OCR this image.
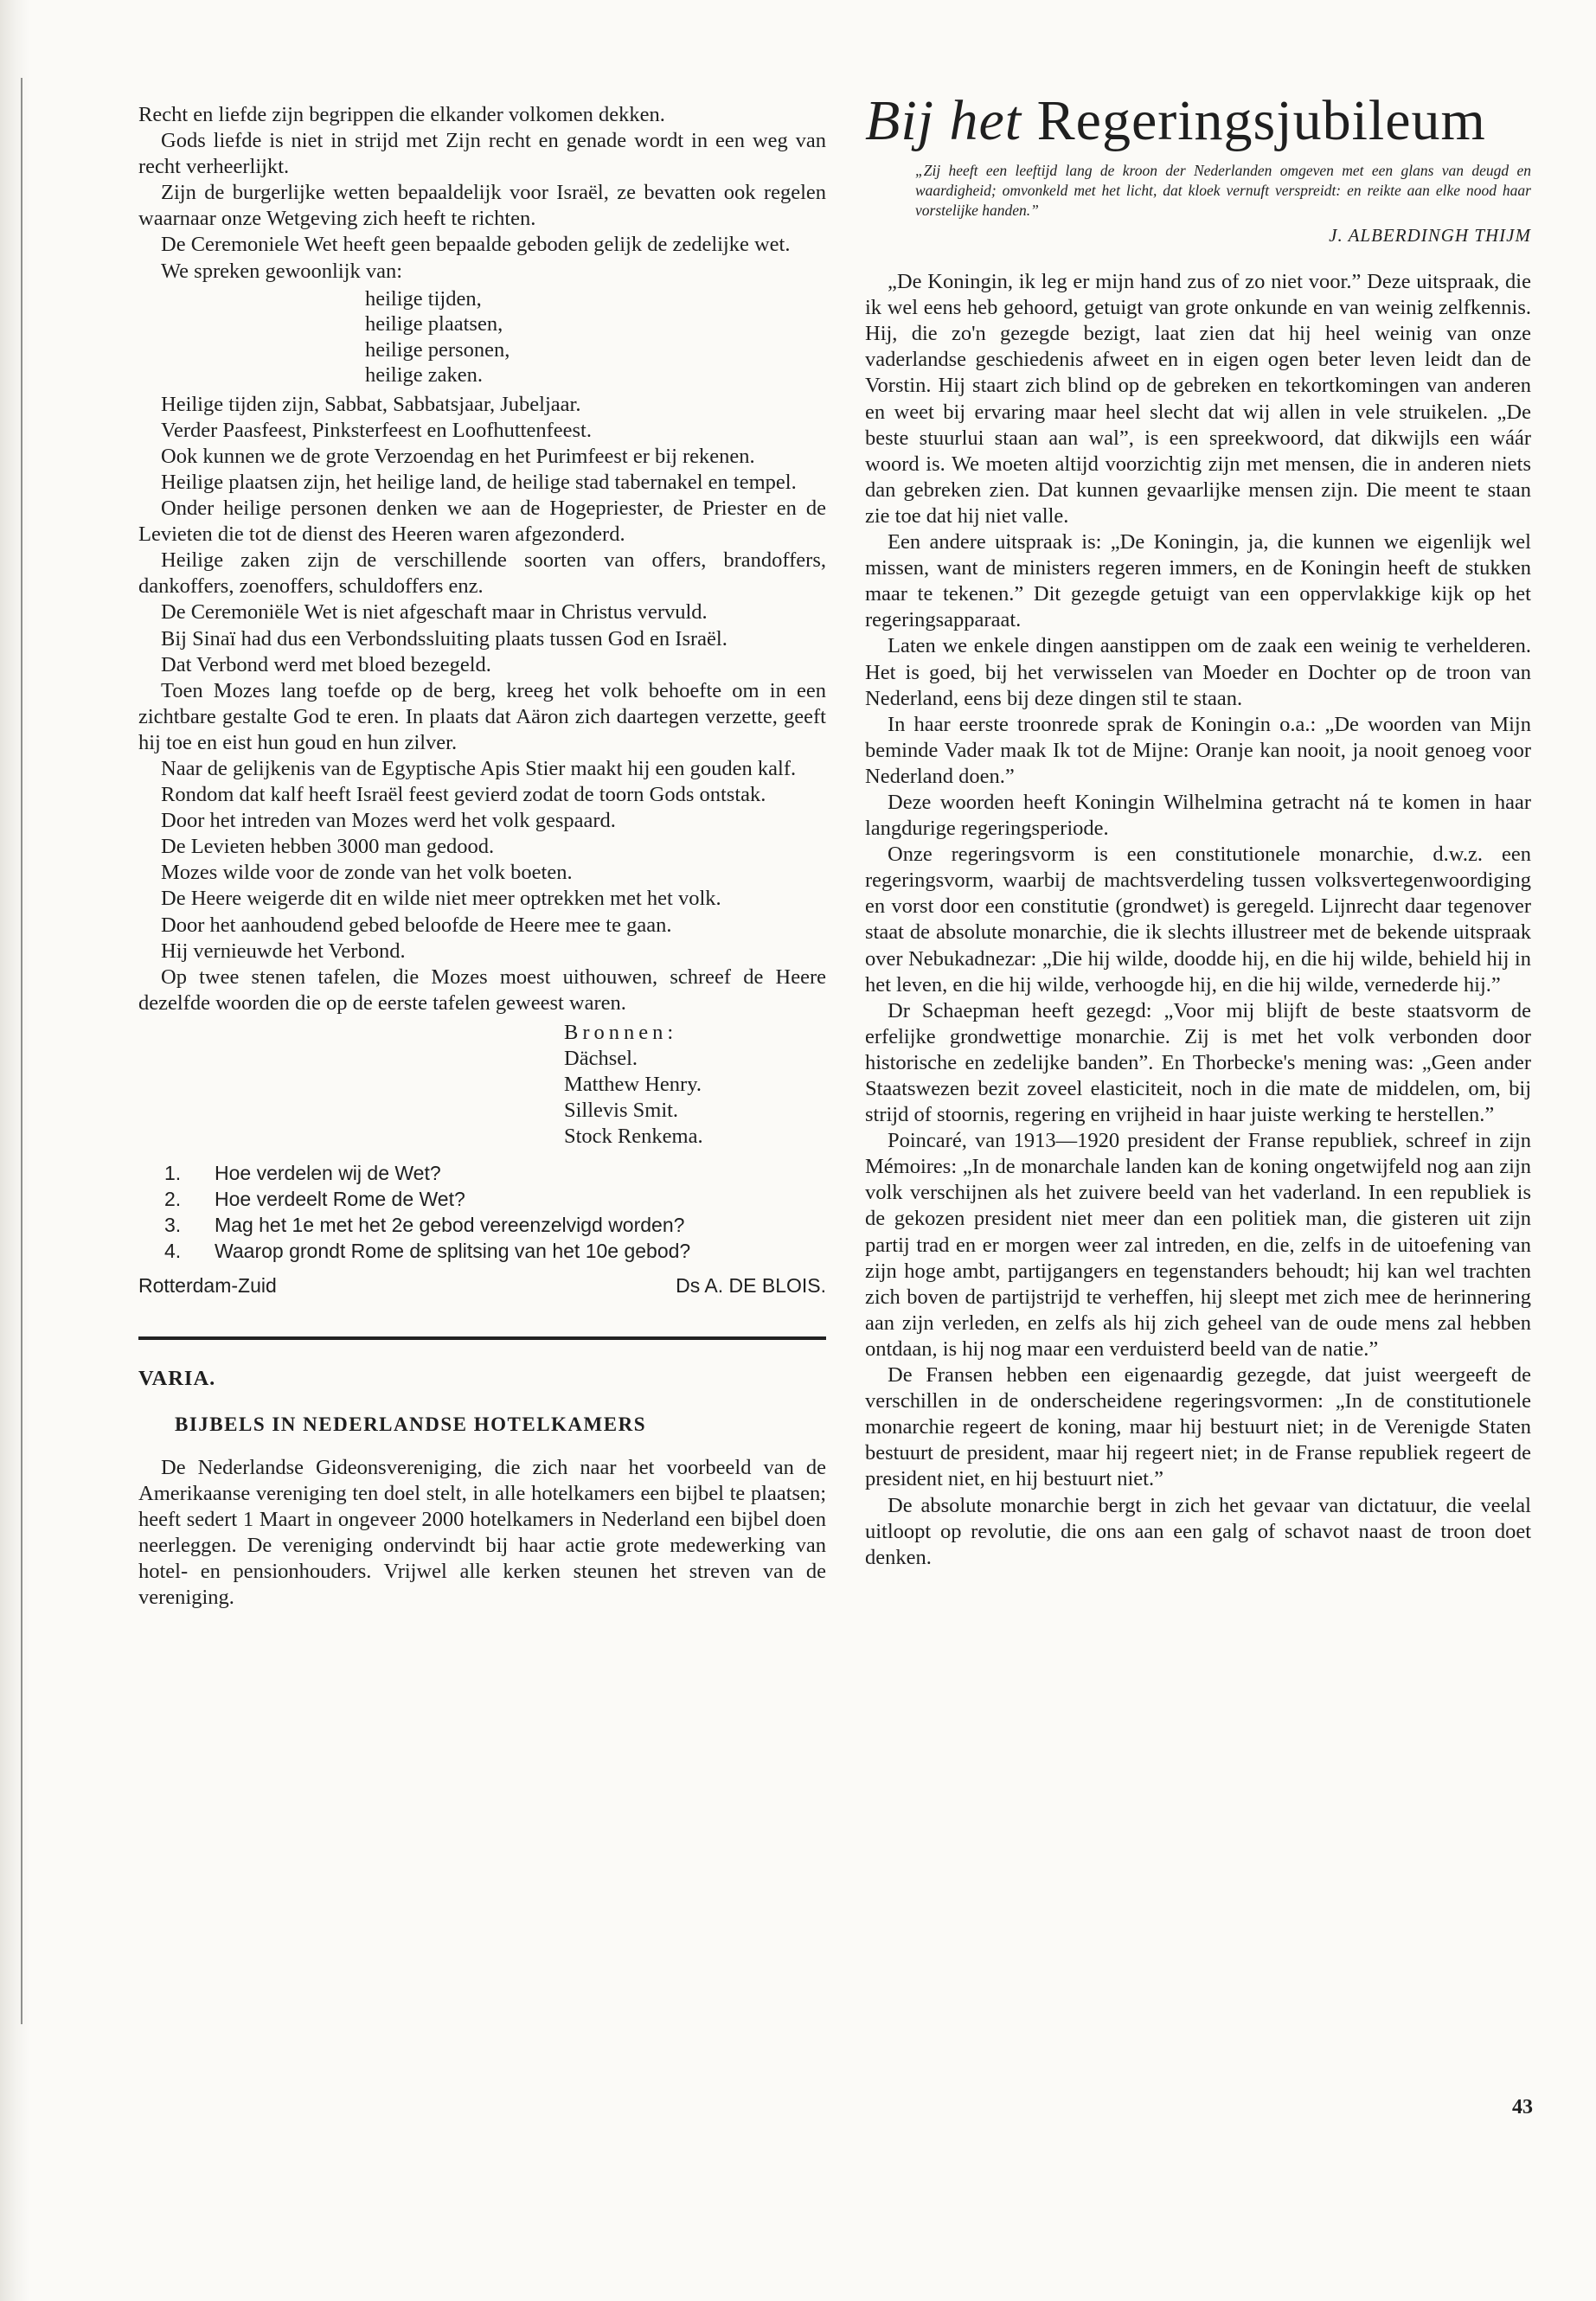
Recht en liefde zijn begrippen die elkander volkomen dekken.

Gods liefde is niet in strijd met Zijn recht en genade wordt in een weg van recht verheerlijkt.

Zijn de burgerlijke wetten bepaaldelijk voor Israël, ze bevatten ook regelen waarnaar onze Wetgeving zich heeft te richten.

De Ceremoniele Wet heeft geen bepaalde geboden gelijk de zedelijke wet.

We spreken gewoonlijk van:

heilige tijden,
heilige plaatsen,
heilige personen,
heilige zaken.

Heilige tijden zijn, Sabbat, Sabbatsjaar, Jubeljaar.

Verder Paasfeest, Pinksterfeest en Loofhuttenfeest.

Ook kunnen we de grote Verzoendag en het Purimfeest er bij rekenen.

Heilige plaatsen zijn, het heilige land, de heilige stad tabernakel en tempel.

Onder heilige personen denken we aan de Hogepriester, de Priester en de Levieten die tot de dienst des Heeren waren afgezonderd.

Heilige zaken zijn de verschillende soorten van offers, brandoffers, dankoffers, zoenoffers, schuldoffers enz.

De Ceremoniële Wet is niet afgeschaft maar in Christus vervuld.

Bij Sinaï had dus een Verbondssluiting plaats tussen God en Israël.

Dat Verbond werd met bloed bezegeld.

Toen Mozes lang toefde op de berg, kreeg het volk behoefte om in een zichtbare gestalte God te eren. In plaats dat Aäron zich daartegen verzette, geeft hij toe en eist hun goud en hun zilver.

Naar de gelijkenis van de Egyptische Apis Stier maakt hij een gouden kalf.

Rondom dat kalf heeft Israël feest gevierd zodat de toorn Gods ontstak.

Door het intreden van Mozes werd het volk gespaard.

De Levieten hebben 3000 man gedood.

Mozes wilde voor de zonde van het volk boeten.

De Heere weigerde dit en wilde niet meer optrekken met het volk.

Door het aanhoudend gebed beloofde de Heere mee te gaan.

Hij vernieuwde het Verbond.

Op twee stenen tafelen, die Mozes moest uithouwen, schreef de Heere dezelfde woorden die op de eerste tafelen geweest waren.

Bronnen:
Dächsel.
Matthew Henry.
Sillevis Smit.
Stock Renkema.
1.	Hoe verdelen wij de Wet?
2.	Hoe verdeelt Rome de Wet?
3.	Mag het 1e met het 2e gebod vereenzelvigd worden?
4.	Waarop grondt Rome de splitsing van het 10e gebod?
Rotterdam-Zuid	Ds A. DE BLOIS.
VARIA.
BIJBELS IN NEDERLANDSE HOTELKAMERS

De Nederlandse Gideonsvereniging, die zich naar het voorbeeld van de Amerikaanse vereniging ten doel stelt, in alle hotelkamers een bijbel te plaatsen; heeft sedert 1 Maart in ongeveer 2000 hotelkamers in Nederland een bijbel doen neerleggen. De vereniging ondervindt bij haar actie grote medewerking van hotel- en pensionhouders. Vrijwel alle kerken steunen het streven van de vereniging.

Bij het Regeringsjubileum
„Zij heeft een leeftijd lang de kroon der Nederlanden omgeven met een glans van deugd en waardigheid; omvonkeld met het licht, dat kloek vernuft verspreidt: en reikte aan elke nood haar vorstelijke handen.”
J. ALBERDINGH THIJM

„De Koningin, ik leg er mijn hand zus of zo niet voor.” Deze uitspraak, die ik wel eens heb gehoord, getuigt van grote onkunde en van weinig zelfkennis. Hij, die zo'n gezegde bezigt, laat zien dat hij heel weinig van onze vaderlandse geschiedenis afweet en in eigen ogen beter leven leidt dan de Vorstin. Hij staart zich blind op de gebreken en tekortkomingen van anderen en weet bij ervaring maar heel slecht dat wij allen in vele struikelen. „De beste stuurlui staan aan wal”, is een spreekwoord, dat dikwijls een wáár woord is. We moeten altijd voorzichtig zijn met mensen, die in anderen niets dan gebreken zien. Dat kunnen gevaarlijke mensen zijn. Die meent te staan zie toe dat hij niet valle.

Een andere uitspraak is: „De Koningin, ja, die kunnen we eigenlijk wel missen, want de ministers regeren immers, en de Koningin heeft de stukken maar te tekenen.” Dit gezegde getuigt van een oppervlakkige kijk op het regeringsapparaat.

Laten we enkele dingen aanstippen om de zaak een weinig te verhelderen. Het is goed, bij het verwisselen van Moeder en Dochter op de troon van Nederland, eens bij deze dingen stil te staan.

In haar eerste troonrede sprak de Koningin o.a.: „De woorden van Mijn beminde Vader maak Ik tot de Mijne: Oranje kan nooit, ja nooit genoeg voor Nederland doen.”

Deze woorden heeft Koningin Wilhelmina getracht ná te komen in haar langdurige regeringsperiode.

Onze regeringsvorm is een constitutionele monarchie, d.w.z. een regeringsvorm, waarbij de machtsverdeling tussen volksvertegenwoordiging en vorst door een constitutie (grondwet) is geregeld. Lijnrecht daar tegenover staat de absolute monarchie, die ik slechts illustreer met de bekende uitspraak over Nebukadnezar: „Die hij wilde, doodde hij, en die hij wilde, behield hij in het leven, en die hij wilde, verhoogde hij, en die hij wilde, vernederde hij.”

Dr Schaepman heeft gezegd: „Voor mij blijft de beste staatsvorm de erfelijke grondwettige monarchie. Zij is met het volk verbonden door historische en zedelijke banden”. En Thorbecke's mening was: „Geen ander Staatswezen bezit zoveel elasticiteit, noch in die mate de middelen, om, bij strijd of stoornis, regering en vrijheid in haar juiste werking te herstellen.”

Poincaré, van 1913—1920 president der Franse republiek, schreef in zijn Mémoires: „In de monarchale landen kan de koning ongetwijfeld nog aan zijn volk verschijnen als het zuivere beeld van het vaderland. In een republiek is de gekozen president niet meer dan een politiek man, die gisteren uit zijn partij trad en er morgen weer zal intreden, en die, zelfs in de uitoefening van zijn hoge ambt, partijgangers en tegenstanders behoudt; hij kan wel trachten zich boven de partijstrijd te verheffen, hij sleept met zich mee de herinnering aan zijn verleden, en zelfs als hij zich geheel van de oude mens zal hebben ontdaan, is hij nog maar een verduisterd beeld van de natie.”

De Fransen hebben een eigenaardig gezegde, dat juist weergeeft de verschillen in de onderscheidene regeringsvormen: „In de constitutionele monarchie regeert de koning, maar hij bestuurt niet; in de Verenigde Staten bestuurt de president, maar hij regeert niet; in de Franse republiek regeert de president niet, en hij bestuurt niet.”

De absolute monarchie bergt in zich het gevaar van dictatuur, die veelal uitloopt op revolutie, die ons aan een galg of schavot naast de troon doet denken.

43
